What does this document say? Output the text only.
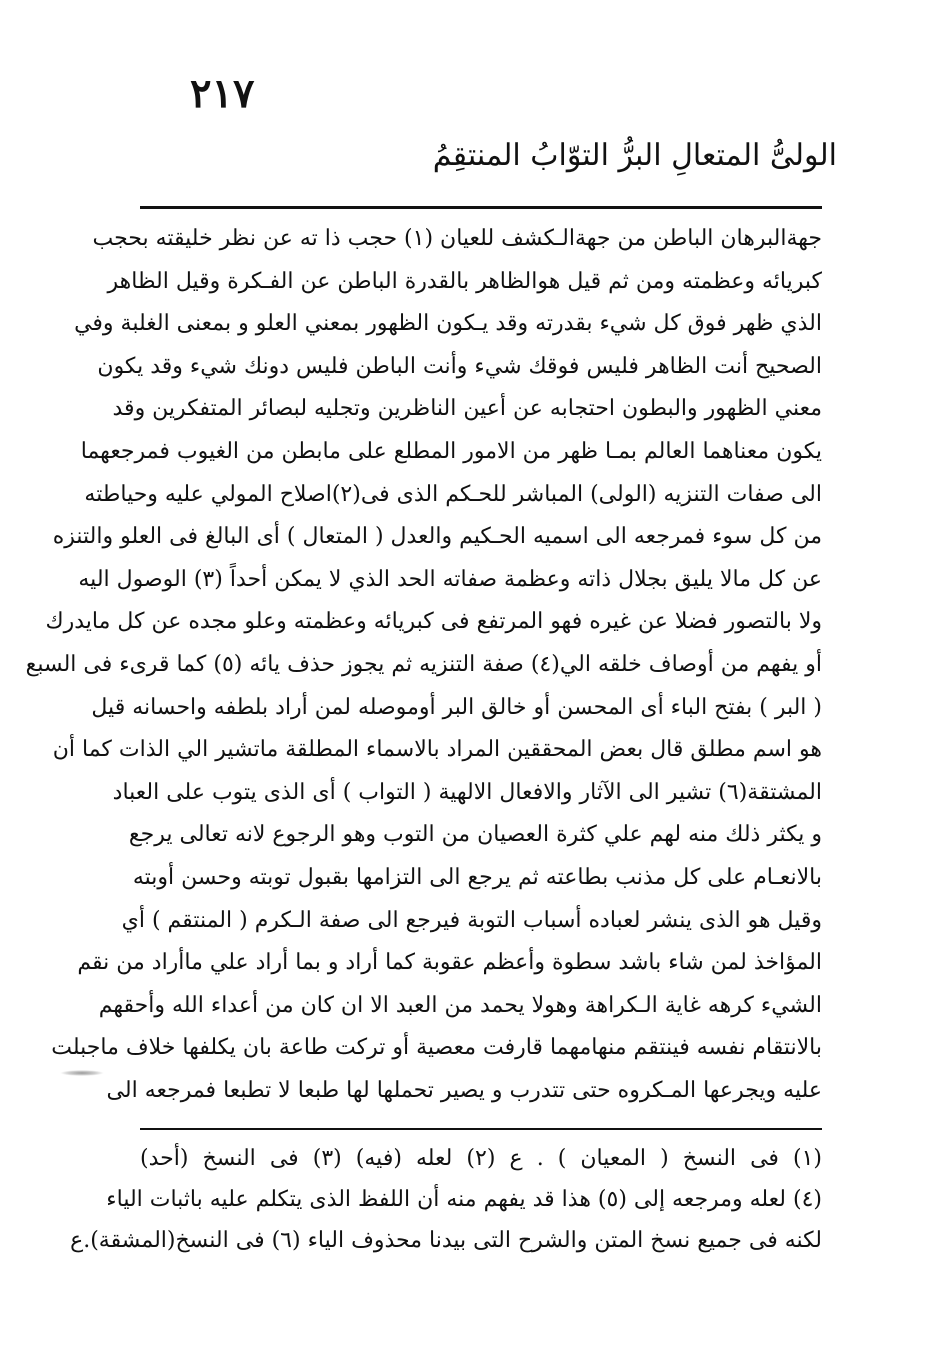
٢١٧
الولىُّ المتعالِ البرُّ التوّابُ المنتقِمُ
جهةالبرهان الباطن من جهةالـكشف للعيان (١) حجب ذا ته عن نظر خليقته بحجب
كبريائه وعظمته ومن ثم قيل هوالظاهر بالقدرة الباطن عن الفـكرة وقيل الظاهر
الذي ظهر فوق كل شيء بقدرته وقد يـكون الظهور بمعني العلو و بمعنى الغلبة وفي
الصحيح أنت الظاهر فليس فوقك شيء وأنت الباطن فليس دونك شيء وقد يكون
معني الظهور والبطون احتجابه عن أعين الناظرين وتجليه لبصائر المتفكرين وقد
يكون معناهما العالم بمـا ظهر من الامور المطلع على مابطن من الغيوب فمرجعهما
الى صفات التنزيه (الولى) المباشر للحـكم الذى فى(٢)اصلاح المولي عليه وحياطته
من كل سوء فمرجعه الى اسميه الحـكيم والعدل ( المتعال ) أى البالغ فى العلو والتنزه
عن كل مالا يليق بجلال ذاته وعظمة صفاته الحد الذي لا يمكن أحداً (٣) الوصول اليه
ولا بالتصور فضلا عن غيره فهو المرتفع فى كبريائه وعظمته وعلو مجده عن كل مايدرك
أو يفهم من أوصاف خلقه الي(٤) صفة التنزيه ثم يجوز حذف يائه (٥) كما قرىء فى السبع
( البر ) بفتح الباء أى المحسن أو خالق البر أوموصله لمن أراد بلطفه واحسانه قيل
هو اسم مطلق قال بعض المحققين المراد بالاسماء المطلقة ماتشير الي الذات كما أن
المشتقة(٦) تشير الى الآثار والافعال الالهية ( التواب ) أى الذى يتوب على العباد
و يكثر ذلك منه لهم علي كثرة العصيان من التوب وهو الرجوع لانه تعالى يرجع
بالانعـام على كل مذنب بطاعته ثم يرجع الى التزامها بقبول توبته وحسن أوبته
وقيل هو الذى ينشر لعباده أسباب التوبة فيرجع الى صفة الـكرم ( المنتقم ) أي
المؤاخذ لمن شاء باشد سطوة وأعظم عقوبة كما أراد و بما أراد علي ماأراد من نقم
الشيء كرهه غاية الـكراهة وهولا يحمد من العبد الا ان كان من أعداء الله وأحقهم
بالانتقام نفسه فينتقم منهامهما قارفت معصية أو تركت طاعة بان يكلفها خلاف ماجبلت
عليه ويجرعها المـكروه حتى تتدرب و يصير تحملها لها طبعا لا تطبعا فمرجعه الى
(١) فى النسخ ( المعيان ) . ع (٢) لعله (فيه) (٣) فى النسخ (أحد)
(٤) لعله ومرجعه إلى (٥) هذا قد يفهم منه أن اللفظ الذى يتكلم عليه باثبات الياء
لكنه فى جميع نسخ المتن والشرح التى بيدنا محذوف الياء (٦) فى النسخ(المشقة).ع
